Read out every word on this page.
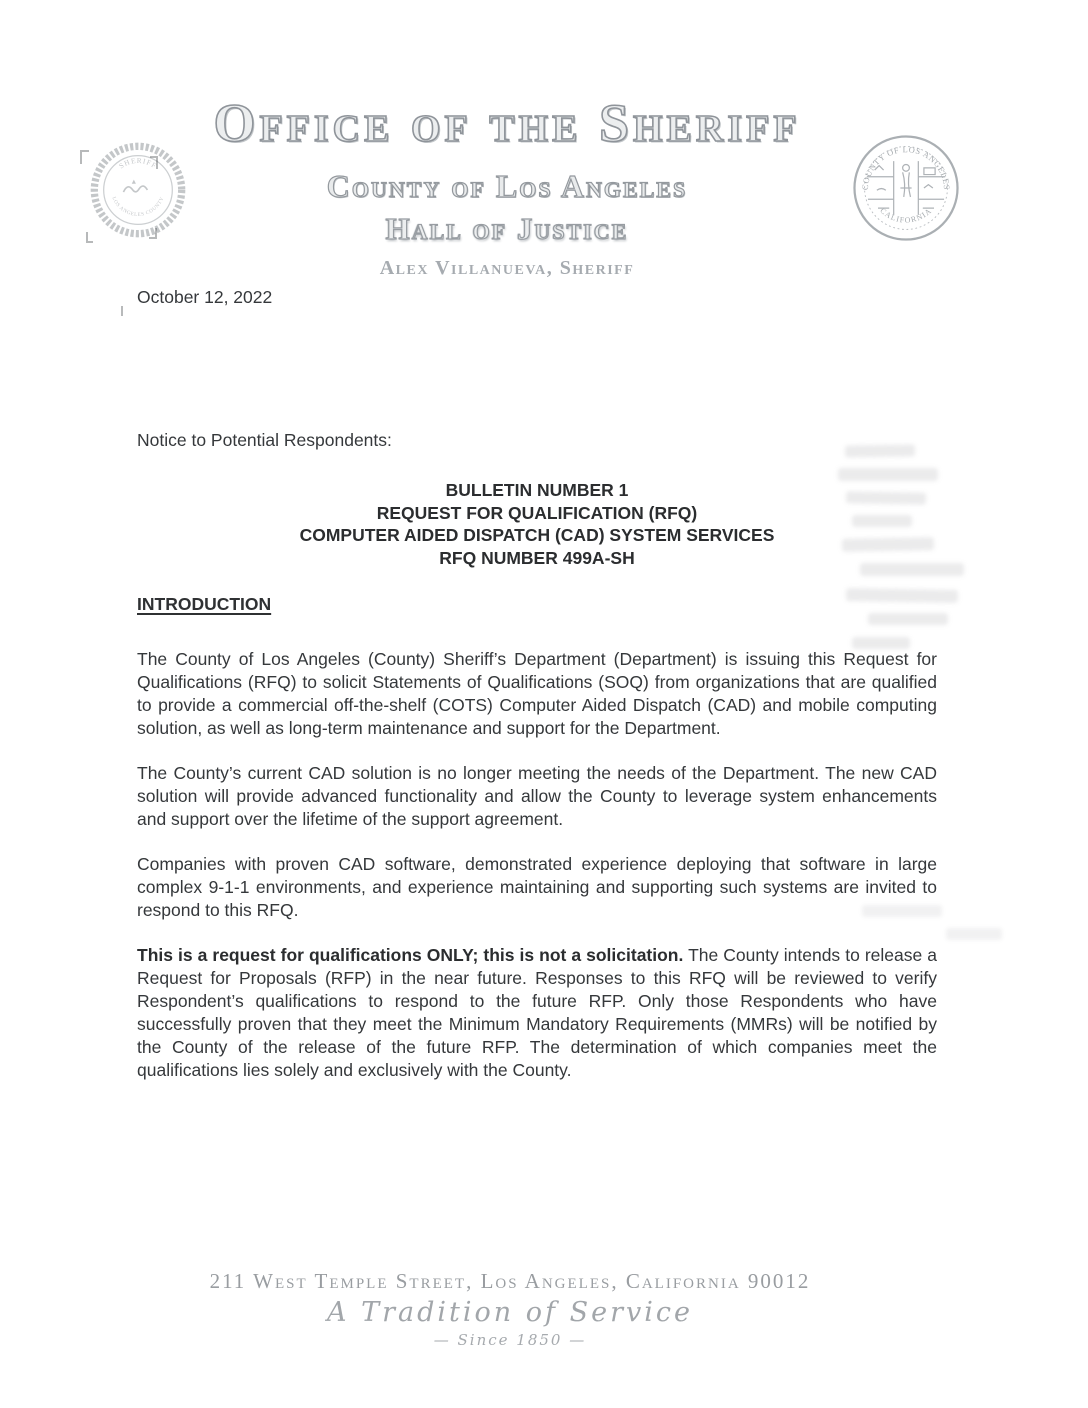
Office of the Sheriff
County of Los Angeles
Hall of Justice
Alex Villanueva, Sheriff
SHERIFF
LOS ANGELES COUNTY
COUNTY OF LOS ANGELES
CALIFORNIA
October 12, 2022
Notice to Potential Respondents:
BULLETIN NUMBER 1
REQUEST FOR QUALIFICATION (RFQ)
COMPUTER AIDED DISPATCH (CAD) SYSTEM SERVICES
RFQ NUMBER 499A-SH
INTRODUCTION

The County of Los Angeles (County) Sheriff’s Department (Department) is issuing this Request for Qualifications (RFQ) to solicit Statements of Qualifications (SOQ) from organizations that are qualified to provide a commercial off-the-shelf (COTS) Computer Aided Dispatch (CAD) and mobile computing solution, as well as long-term maintenance and support for the Department.

The County’s current CAD solution is no longer meeting the needs of the Department. The new CAD solution will provide advanced functionality and allow the County to leverage system enhancements and support over the lifetime of the support agreement.

Companies with proven CAD software, demonstrated experience deploying that software in large complex 9-1-1 environments, and experience maintaining and supporting such systems are invited to respond to this RFQ.

This is a request for qualifications ONLY; this is not a solicitation. The County intends to release a Request for Proposals (RFP) in the near future. Responses to this RFQ will be reviewed to verify Respondent’s qualifications to respond to the future RFP. Only those Respondents who have successfully proven that they meet the Minimum Mandatory Requirements (MMRs) will be notified by the County of the release of the future RFP. The determination of which companies meet the qualifications lies solely and exclusively with the County.

211 West Temple Street, Los Angeles, California 90012
A Tradition of Service
— Since 1850 —
